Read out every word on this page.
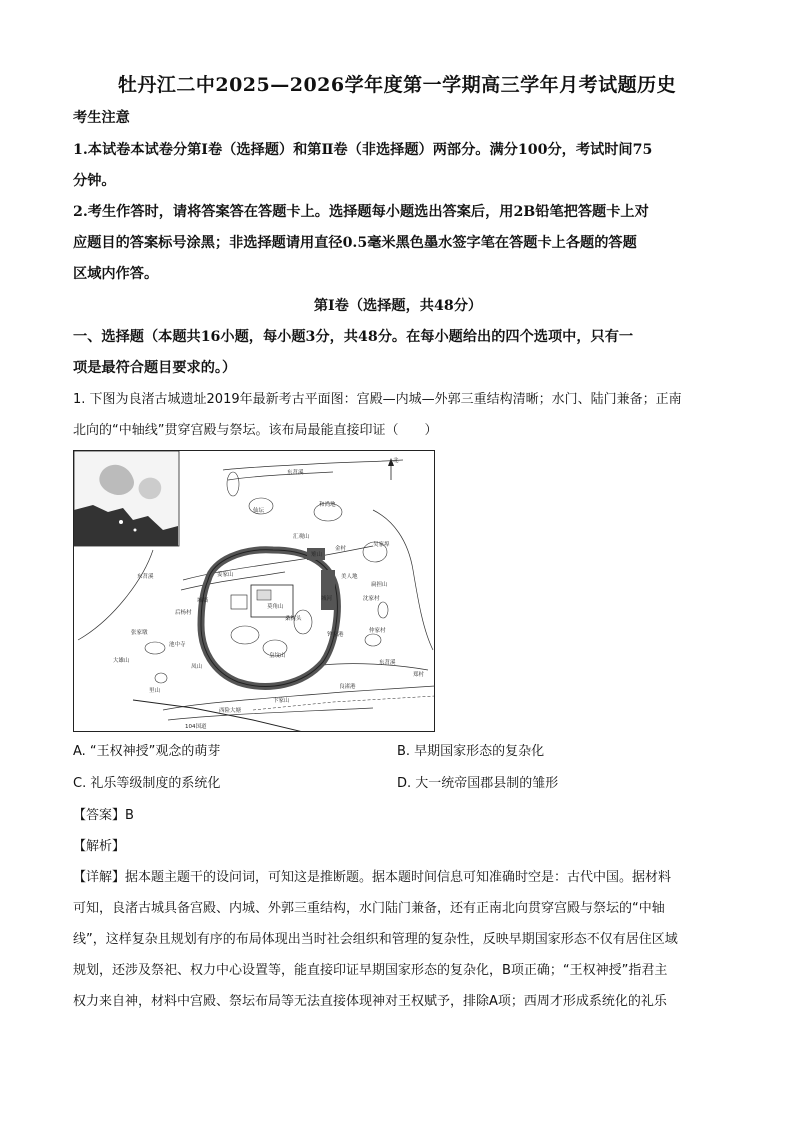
牡丹江二中2025—2026学年度第一学期高三学年月考试题历史
考生注意
1.本试卷本试卷分第Ⅰ卷（选择题）和第Ⅱ卷（非选择题）两部分。满分100分，考试时间75
分钟。
2.考生作答时，请将答案答在答题卡上。选择题每小题选出答案后，用2B铅笔把答题卡上对
应题目的答案标号涂黑；非选择题请用直径0.5毫米黑色墨水签字笔在答题卡上各题的答题
区域内作答。
第Ⅰ卷（选择题，共48分）
一、选择题（本题共16小题，每小题3分，共48分。在每小题给出的四个选项中，只有一
项是最符合题目要求的。）
1. 下图为良渚古城遗址2019年最新考古平面图：宫殿—内城—外郭三重结构清晰；水门、陆门兼备；正南
北向的“中轴线”贯穿宫殿与祭坛。该布局最能直接印证（　　）
北
东苕溪
东苕溪
凤山
雉山
莫角山
皇坟山
仲家村
张家墩
良渚港
扁担山
和尚地
里山
郑村
卞家山
美人地
桑树头
姜家山
西险大塘
104国道
大雄山	东苕溪
池中寺
钟家港
沈家村
汇观山
城河
城墙
后杨村
仙坛
金村
吴家埠
A. “王权神授”观念的萌芽	B. 早期国家形态的复杂化
C. 礼乐等级制度的系统化	D. 大一统帝国郡县制的雏形
【答案】B
【解析】
【详解】据本题主题干的设问词，可知这是推断题。据本题时间信息可知准确时空是：古代中国。据材料
可知，良渚古城具备宫殿、内城、外郭三重结构，水门陆门兼备，还有正南北向贯穿宫殿与祭坛的“中轴
线”，这样复杂且规划有序的布局体现出当时社会组织和管理的复杂性，反映早期国家形态不仅有居住区域
规划，还涉及祭祀、权力中心设置等，能直接印证早期国家形态的复杂化，B项正确；“王权神授”指君主
权力来自神，材料中宫殿、祭坛布局等无法直接体现神对王权赋予，排除A项；西周才形成系统化的礼乐
